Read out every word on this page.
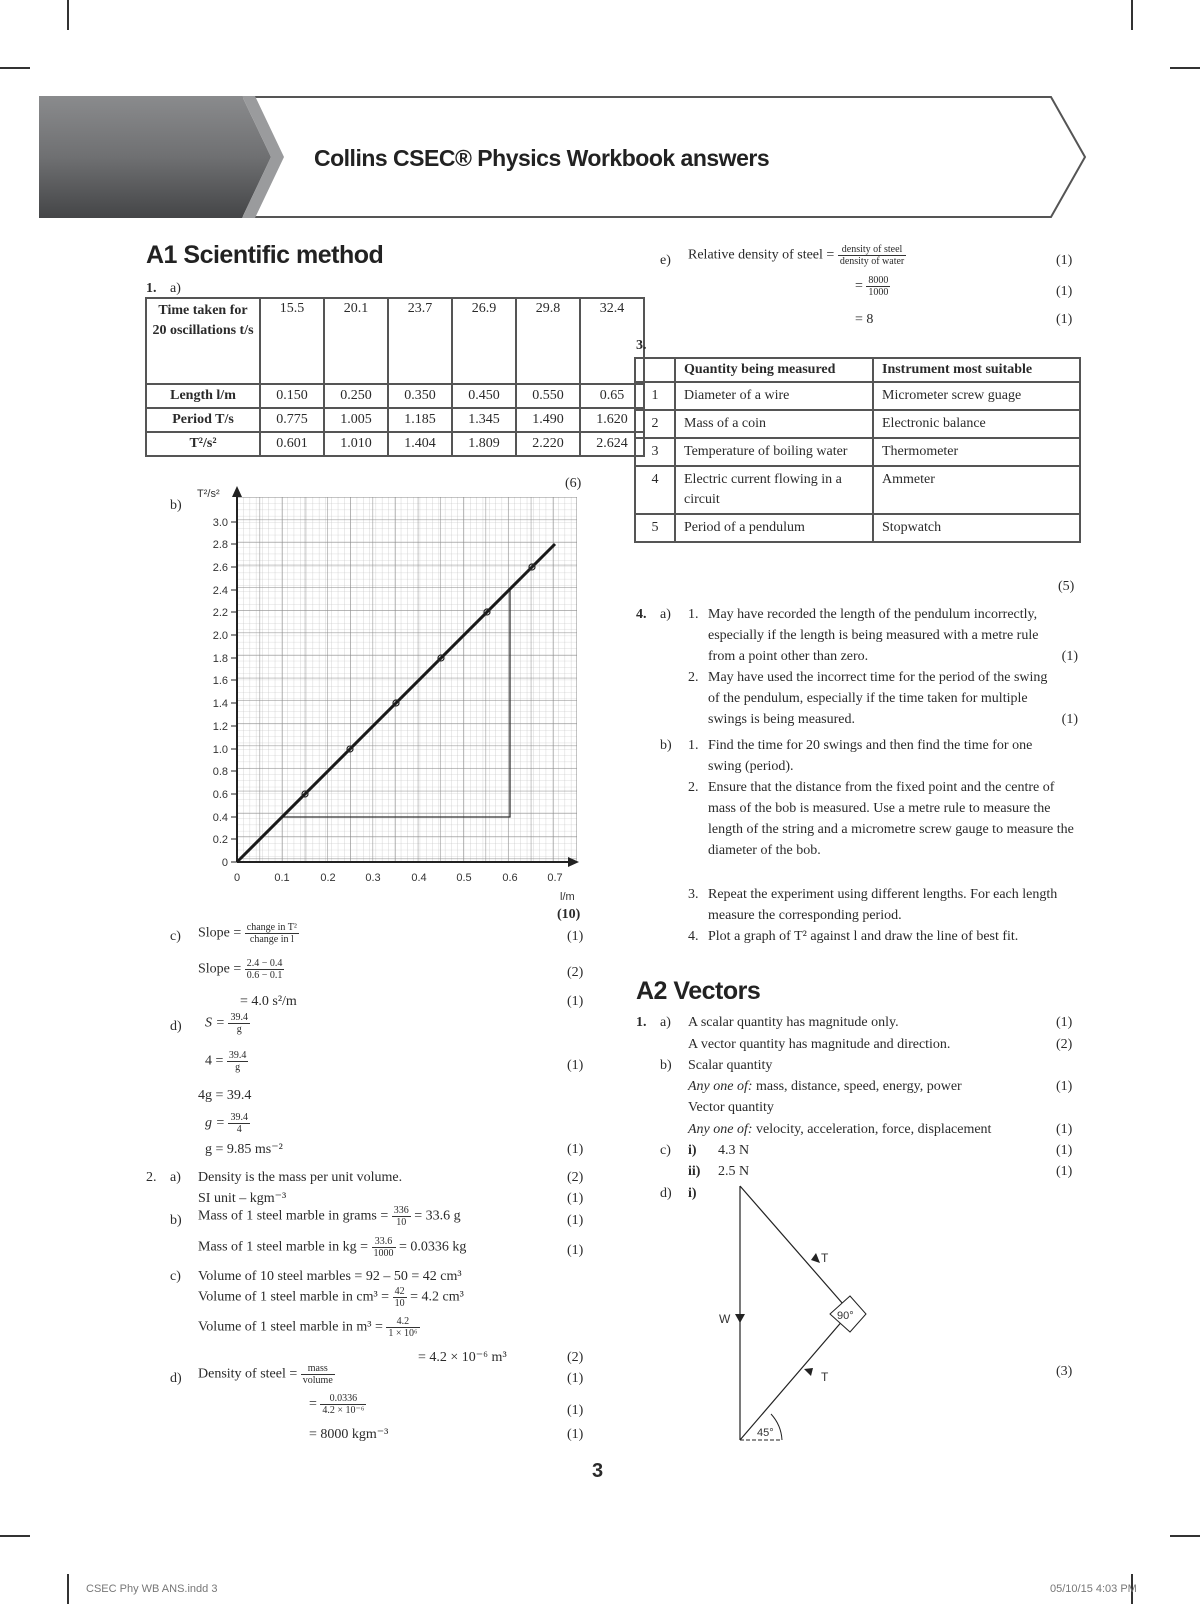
Collins CSEC® Physics Workbook answers
A1 Scientific method
1. a)
Time taken for 20 oscillations t/s	15.5	20.1	23.7	26.9	29.8	32.4
Length l/m	0.150	0.250	0.350	0.450	0.550	0.65
Period T/s	0.775	1.005	1.185	1.345	1.490	1.620
T²/s²	0.601	1.010	1.404	1.809	2.220	2.624
(6)
b)
0
0.2
0.4
0.6
0.8
1.0
1.2
1.4
1.6
1.8
2.0
2.2
2.4
2.6
2.8
3.0
T²/s²
0	0.1	0.2	0.3	0.4	0.5	0.6	0.7
l/m
(10)
c) Slope = $\frac{\text{change in T²}}{\text{change in l}}$	(1)
Slope = $\frac{2.4 - 0.4}{0.6 - 0.1}$	(2)
= 4.0 s²/m	(1)
d) $S = \frac{39.4}{g}$
$4 = \frac{39.4}{g}$	(1)
4g = 39.4
$g = \frac{39.4}{4}$
g = 9.85 ms⁻²	(1)
2. a) Density is the mass per unit volume.	(2)
SI unit – kgm⁻³	(1)
b) Mass of 1 steel marble in grams = $\frac{336}{10} = 33.6$ g	(1)
Mass of 1 steel marble in kg = $\frac{33.6}{1000} = 0.0336$ kg	(1)
c) Volume of 10 steel marbles = 92 – 50 = 42 cm³
Volume of 1 steel marble in $cm^3 = \frac{42}{10} = 4.2$ cm³
Volume of 1 steel marble in $m^3 = \frac{4.2}{\text{1 × 10⁶}}$
= 4.2 × 10⁻⁶ m³	(2)
d) Density of steel = $\frac{\text{mass}}{\text{volume}}$	(1)
= $\frac{0.0336}{\text{4.2 × 10⁻⁶}}$	(1)
= 8000 kgm⁻³	(1)
e) Relative density of steel = $\frac{\text{density of steel}}{\text{density of water}}$	(1)
= $\frac{8000}{1000}$	(1)
= 8	(1)
3.
	Quantity being measured	Instrument most suitable
1	Diameter of a wire	Micrometer screw guage
2	Mass of a coin	Electronic balance
3	Temperature of boiling water	Thermometer
4	Electric current flowing in a circuit	Ammeter
5	Period of a pendulum	Stopwatch
(5)
4. a) 1. May have recorded the length of the pendulum incorrectly, especially if the length is being measured with a metre rule from a point other than zero.	(1)
2. May have used the incorrect time for the period of the swing of the pendulum, especially if the time taken for multiple swings is being measured.	(1)
b) 1. Find the time for 20 swings and then find the time for one swing (period).
2. Ensure that the distance from the fixed point and the centre of mass of the bob is measured. Use a metre rule to measure the length of the string and a micrometre screw gauge to measure the diameter of the bob.
3. Repeat the experiment using different lengths. For each length measure the corresponding period.
4. Plot a graph of T² against l and draw the line of best fit.
A2 Vectors
1. a) A scalar quantity has magnitude only.	(1)
A vector quantity has magnitude and direction.	(2)
b) Scalar quantity
Any one of: mass, distance, speed, energy, power	(1)
Vector quantity
Any one of: velocity, acceleration, force, displacement	(1)
c) i) 4.3 N	(1)
ii) 2.5 N	(1)
d) i)
W
T
T
90°
45°
(3)
3
CSEC Phy WB ANS.indd 3	05/10/15 4:03 PM
